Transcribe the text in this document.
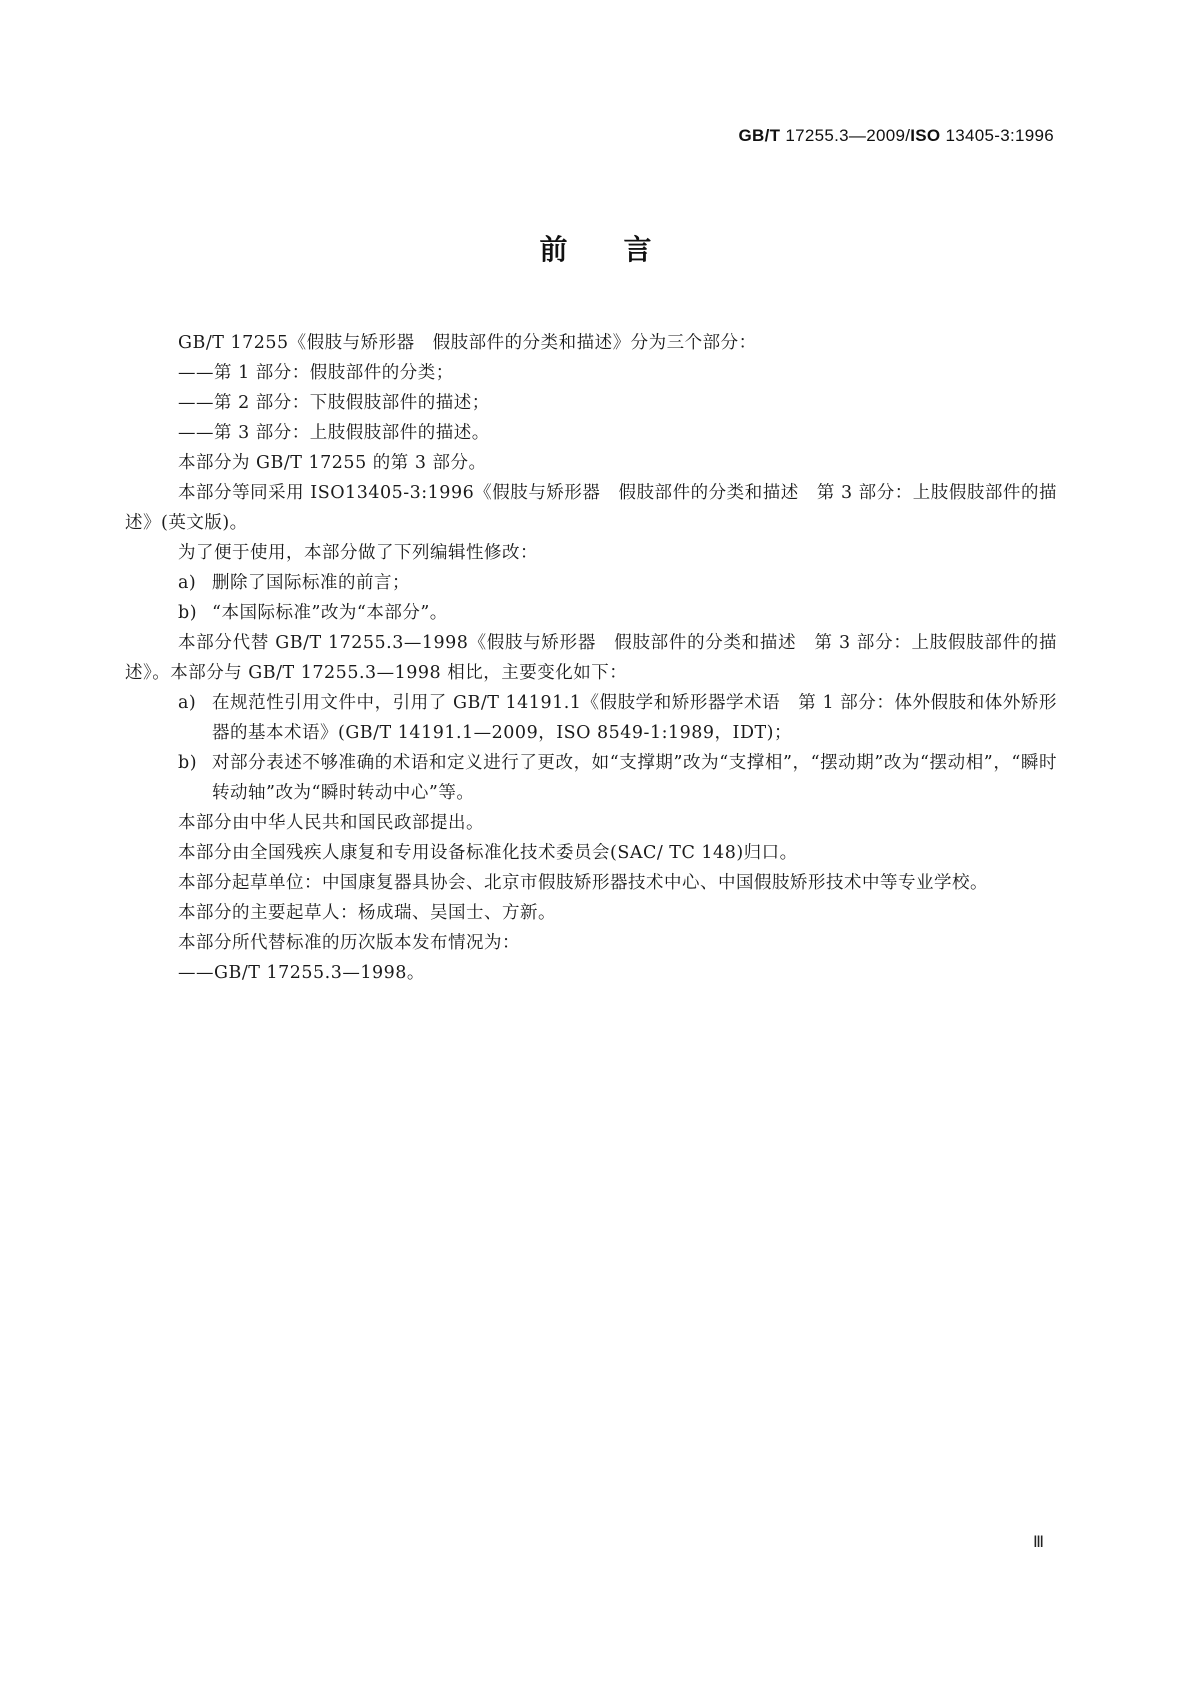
GB/T 17255.3—2009/ISO 13405-3:1996
前言

GB/T 17255《假肢与矫形器　假肢部件的分类和描述》分为三个部分：

——第 1 部分：假肢部件的分类；

——第 2 部分：下肢假肢部件的描述；

——第 3 部分：上肢假肢部件的描述。

本部分为 GB/T 17255 的第 3 部分。

本部分等同采用 ISO13405-3:1996《假肢与矫形器　假肢部件的分类和描述　第 3 部分：上肢假肢部件的描述》(英文版)。

为了便于使用，本部分做了下列编辑性修改：

a) 删除了国际标准的前言；
b) “本国际标准”改为“本部分”。

本部分代替 GB/T 17255.3—1998《假肢与矫形器　假肢部件的分类和描述　第 3 部分：上肢假肢部件的描述》。本部分与 GB/T 17255.3—1998 相比，主要变化如下：

a) 在规范性引用文件中，引用了 GB/T 14191.1《假肢学和矫形器学术语　第 1 部分：体外假肢和体外矫形器的基本术语》(GB/T 14191.1—2009，ISO 8549-1:1989，IDT)；
b) 对部分表述不够准确的术语和定义进行了更改，如“支撑期”改为“支撑相”，“摆动期”改为“摆动相”，“瞬时转动轴”改为“瞬时转动中心”等。

本部分由中华人民共和国民政部提出。

本部分由全国残疾人康复和专用设备标准化技术委员会(SAC/ TC 148)归口。

本部分起草单位：中国康复器具协会、北京市假肢矫形器技术中心、中国假肢矫形技术中等专业学校。

本部分的主要起草人：杨成瑞、吴国士、方新。

本部分所代替标准的历次版本发布情况为：

——GB/T 17255.3—1998。

Ⅲ
